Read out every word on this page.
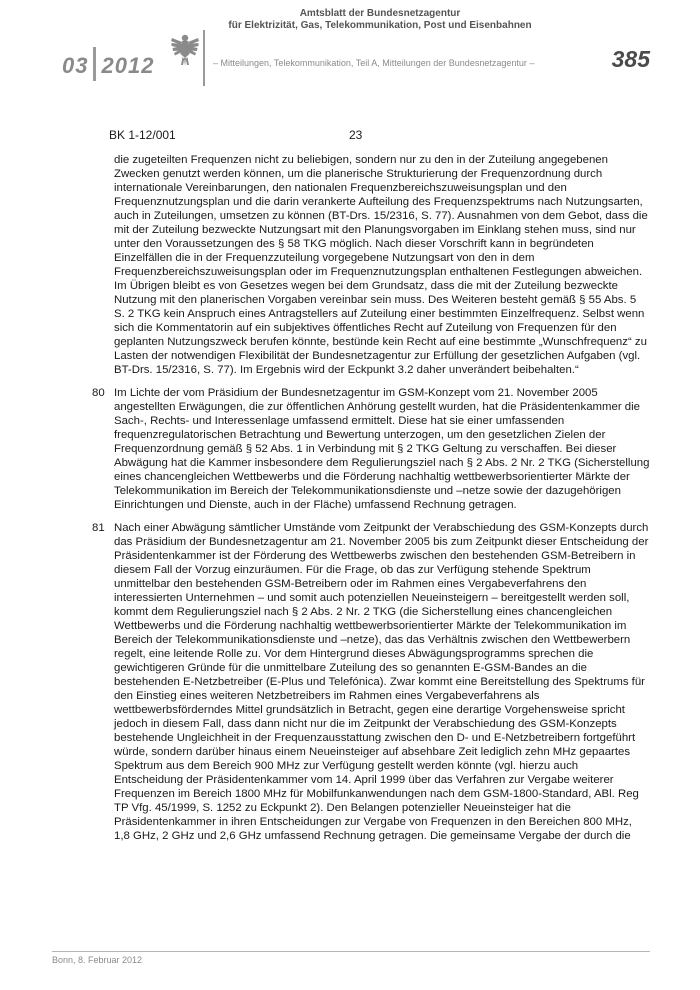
03 2012
Amtsblatt der Bundesnetzagentur
für Elektrizität, Gas, Telekommunikation, Post und Eisenbahnen
– Mitteilungen, Telekommunikation, Teil A, Mitteilungen der Bundesnetzagentur –	385
BK 1-12/001	23
die zugeteilten Frequenzen nicht zu beliebigen, sondern nur zu den in der Zuteilung angegebenen Zwecken genutzt werden können, um die planerische Strukturierung der Frequenzordnung durch internationale Vereinbarungen, den nationalen Frequenzbereichszuweisungsplan und den Frequenznutzungsplan und die darin verankerte Aufteilung des Frequenzspektrums nach Nutzungsarten, auch in Zuteilungen, umsetzen zu können (BT-Drs. 15/2316, S. 77). Ausnahmen von dem Gebot, dass die mit der Zuteilung bezweckte Nutzungsart mit den Planungsvorgaben im Einklang stehen muss, sind nur unter den Voraussetzungen des § 58 TKG möglich. Nach dieser Vorschrift kann in begründeten Einzelfällen die in der Frequenzzuteilung vorgegebene Nutzungsart von den in dem Frequenzbereichszuweisungsplan oder im Frequenznutzungsplan enthaltenen Festlegungen abweichen. Im Übrigen bleibt es von Gesetzes wegen bei dem Grundsatz, dass die mit der Zuteilung bezweckte Nutzung mit den planerischen Vorgaben vereinbar sein muss. Des Weiteren besteht gemäß § 55 Abs. 5 S. 2 TKG kein Anspruch eines Antragstellers auf Zuteilung einer bestimmten Einzelfrequenz. Selbst wenn sich die Kommentatorin auf ein subjektives öffentliches Recht auf Zuteilung von Frequenzen für den geplanten Nutzungszweck berufen könnte, bestünde kein Recht auf eine bestimmte „Wunschfrequenz“ zu Lasten der notwendigen Flexibilität der Bundesnetzagentur zur Erfüllung der gesetzlichen Aufgaben (vgl. BT-Drs. 15/2316, S. 77). Im Ergebnis wird der Eckpunkt 3.2 daher unverändert beibehalten.“
80 Im Lichte der vom Präsidium der Bundesnetzagentur im GSM-Konzept vom 21. November 2005 angestellten Erwägungen, die zur öffentlichen Anhörung gestellt wurden, hat die Präsidentenkammer die Sach-, Rechts- und Interessenlage umfassend ermittelt. Diese hat sie einer umfassenden frequenzregulatorischen Betrachtung und Bewertung unterzogen, um den gesetzlichen Zielen der Frequenzordnung gemäß § 52 Abs. 1 in Verbindung mit § 2 TKG Geltung zu verschaffen. Bei dieser Abwägung hat die Kammer insbesondere dem Regulierungsziel nach § 2 Abs. 2 Nr. 2 TKG (Sicherstellung eines chancengleichen Wettbewerbs und die Förderung nachhaltig wettbewerbsorientierter Märkte der Telekommunikation im Bereich der Telekommunikationsdienste und –netze sowie der dazugehörigen Einrichtungen und Dienste, auch in der Fläche) umfassend Rechnung getragen.
81 Nach einer Abwägung sämtlicher Umstände vom Zeitpunkt der Verabschiedung des GSM-Konzepts durch das Präsidium der Bundesnetzagentur am 21. November 2005 bis zum Zeitpunkt dieser Entscheidung der Präsidentenkammer ist der Förderung des Wettbewerbs zwischen den bestehenden GSM-Betreibern in diesem Fall der Vorzug einzuräumen. Für die Frage, ob das zur Verfügung stehende Spektrum unmittelbar den bestehenden GSM-Betreibern oder im Rahmen eines Vergabeverfahrens den interessierten Unternehmen – und somit auch potenziellen Neueinsteigern – bereitgestellt werden soll, kommt dem Regulierungsziel nach § 2 Abs. 2 Nr. 2 TKG (die Sicherstellung eines chancengleichen Wettbewerbs und die Förderung nachhaltig wettbewerbsorientierter Märkte der Telekommunikation im Bereich der Telekommunikationsdienste und –netze), das das Verhältnis zwischen den Wettbewerbern regelt, eine leitende Rolle zu. Vor dem Hintergrund dieses Abwägungsprogramms sprechen die gewichtigeren Gründe für die unmittelbare Zuteilung des so genannten E-GSM-Bandes an die bestehenden E-Netzbetreiber (E-Plus und Telefónica). Zwar kommt eine Bereitstellung des Spektrums für den Einstieg eines weiteren Netzbetreibers im Rahmen eines Vergabeverfahrens als wettbewerbsförderndes Mittel grundsätzlich in Betracht, gegen eine derartige Vorgehensweise spricht jedoch in diesem Fall, dass dann nicht nur die im Zeitpunkt der Verabschiedung des GSM-Konzepts bestehende Ungleichheit in der Frequenzausstattung zwischen den D- und E-Netzbetreibern fortgeführt würde, sondern darüber hinaus einem Neueinsteiger auf absehbare Zeit lediglich zehn MHz gepaartes Spektrum aus dem Bereich 900 MHz zur Verfügung gestellt werden könnte (vgl. hierzu auch Entscheidung der Präsidentenkammer vom 14. April 1999 über das Verfahren zur Vergabe weiterer Frequenzen im Bereich 1800 MHz für Mobilfunkanwendungen nach dem GSM-1800-Standard, ABl. Reg TP Vfg. 45/1999, S. 1252 zu Eckpunkt 2). Den Belangen potenzieller Neueinsteiger hat die Präsidentenkammer in ihren Entscheidungen zur Vergabe von Frequenzen in den Bereichen 800 MHz, 1,8 GHz, 2 GHz und 2,6 GHz umfassend Rechnung getragen. Die gemeinsame Vergabe der durch die
Bonn, 8. Februar 2012
